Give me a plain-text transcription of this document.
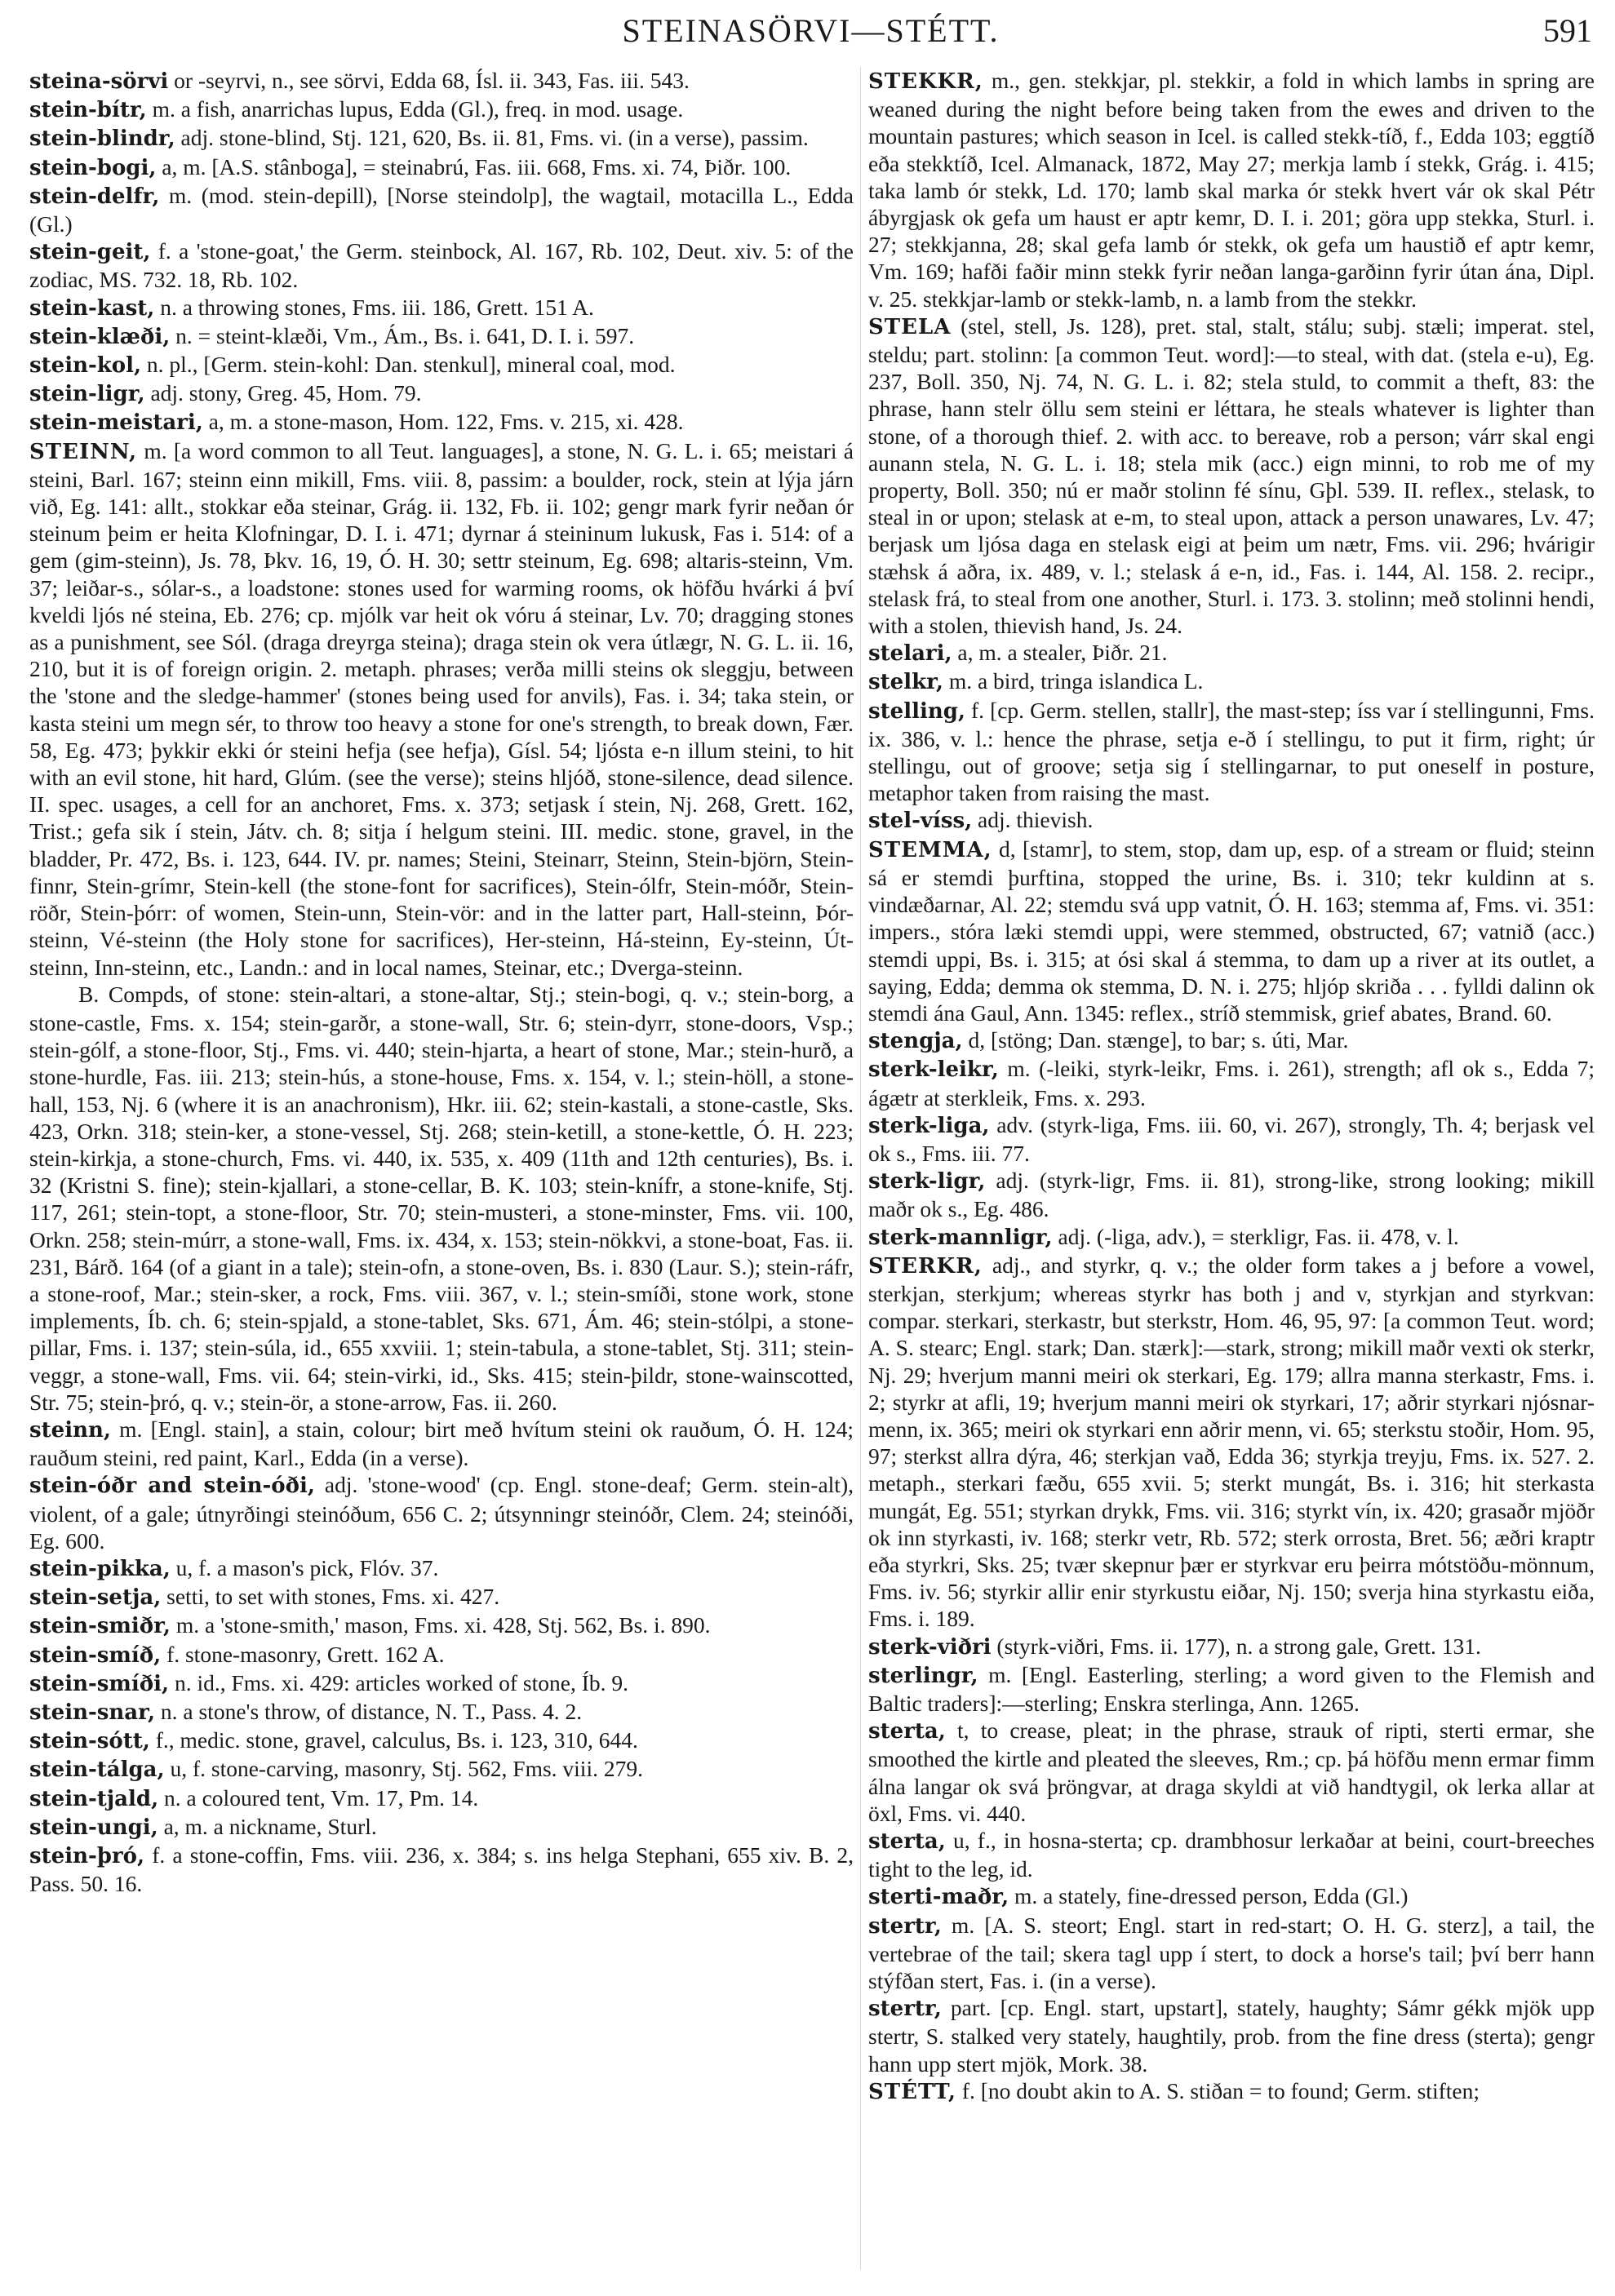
STEINASÖRVI—STÉTT.	591

steina-sörvi or -seyrvi, n., see sörvi, Edda 68, Ísl. ii. 343, Fas. iii. 543.

stein-bítr, m. a fish, anarrichas lupus, Edda (Gl.), freq. in mod. usage.

stein-blindr, adj. stone-blind, Stj. 121, 620, Bs. ii. 81, Fms. vi. (in a verse), passim.

stein-bogi, a, m. [A.S. stânboga], = steinabrú, Fas. iii. 668, Fms. xi. 74, Þiðr. 100.

stein-delfr, m. (mod. stein-depill), [Norse steindolp], the wagtail, motacilla L., Edda (Gl.)

stein-geit, f. a 'stone-goat,' the Germ. steinbock, Al. 167, Rb. 102, Deut. xiv. 5: of the zodiac, MS. 732. 18, Rb. 102.

stein-kast, n. a throwing stones, Fms. iii. 186, Grett. 151 A.

stein-klæði, n. = steint-klæði, Vm., Ám., Bs. i. 641, D. I. i. 597.

stein-kol, n. pl., [Germ. stein-kohl: Dan. stenkul], mineral coal, mod.

stein-ligr, adj. stony, Greg. 45, Hom. 79.

stein-meistari, a, m. a stone-mason, Hom. 122, Fms. v. 215, xi. 428.

STEINN, m. [a word common to all Teut. languages], a stone, N. G. L. i. 65; meistari á steini, Barl. 167; steinn einn mikill, Fms. viii. 8, passim: a boulder, rock, stein at lýja járn við, Eg. 141: allt., stokkar eða steinar, Grág. ii. 132, Fb. ii. 102; gengr mark fyrir neðan ór steinum þeim er heita Klofningar, D. I. i. 471; dyrnar á steininum lukusk, Fas i. 514: of a gem (gim-steinn), Js. 78, Þkv. 16, 19, Ó. H. 30; settr steinum, Eg. 698; altaris-steinn, Vm. 37; leiðar-s., sólar-s., a loadstone: stones used for warming rooms, ok höfðu hvárki á því kveldi ljós né steina, Eb. 276; cp. mjólk var heit ok vóru á steinar, Lv. 70; dragging stones as a punishment, see Sól. (draga dreyrga steina); draga stein ok vera útlægr, N. G. L. ii. 16, 210, but it is of foreign origin. 2. metaph. phrases; verða milli steins ok sleggju, between the 'stone and the sledge-hammer' (stones being used for anvils), Fas. i. 34; taka stein, or kasta steini um megn sér, to throw too heavy a stone for one's strength, to break down, Fær. 58, Eg. 473; þykkir ekki ór steini hefja (see hefja), Gísl. 54; ljósta e-n illum steini, to hit with an evil stone, hit hard, Glúm. (see the verse); steins hljóð, stone-silence, dead silence. II. spec. usages, a cell for an anchoret, Fms. x. 373; setjask í stein, Nj. 268, Grett. 162, Trist.; gefa sik í stein, Játv. ch. 8; sitja í helgum steini. III. medic. stone, gravel, in the bladder, Pr. 472, Bs. i. 123, 644. IV. pr. names; Steini, Steinarr, Steinn, Stein-björn, Stein-finnr, Stein-grímr, Stein-kell (the stone-font for sacrifices), Stein-ólfr, Stein-móðr, Stein-röðr, Stein-þórr: of women, Stein-unn, Stein-vör: and in the latter part, Hall-steinn, Þór-steinn, Vé-steinn (the Holy stone for sacrifices), Her-steinn, Há-steinn, Ey-steinn, Út-steinn, Inn-steinn, etc., Landn.: and in local names, Steinar, etc.; Dverga-steinn.

B. Compds, of stone: stein-altari, a stone-altar, Stj.; stein-bogi, q. v.; stein-borg, a stone-castle, Fms. x. 154; stein-garðr, a stone-wall, Str. 6; stein-dyrr, stone-doors, Vsp.; stein-gólf, a stone-floor, Stj., Fms. vi. 440; stein-hjarta, a heart of stone, Mar.; stein-hurð, a stone-hurdle, Fas. iii. 213; stein-hús, a stone-house, Fms. x. 154, v. l.; stein-höll, a stone-hall, 153, Nj. 6 (where it is an anachronism), Hkr. iii. 62; stein-kastali, a stone-castle, Sks. 423, Orkn. 318; stein-ker, a stone-vessel, Stj. 268; stein-ketill, a stone-kettle, Ó. H. 223; stein-kirkja, a stone-church, Fms. vi. 440, ix. 535, x. 409 (11th and 12th centuries), Bs. i. 32 (Kristni S. fine); stein-kjallari, a stone-cellar, B. K. 103; stein-knífr, a stone-knife, Stj. 117, 261; stein-topt, a stone-floor, Str. 70; stein-musteri, a stone-minster, Fms. vii. 100, Orkn. 258; stein-múrr, a stone-wall, Fms. ix. 434, x. 153; stein-nökkvi, a stone-boat, Fas. ii. 231, Bárð. 164 (of a giant in a tale); stein-ofn, a stone-oven, Bs. i. 830 (Laur. S.); stein-ráfr, a stone-roof, Mar.; stein-sker, a rock, Fms. viii. 367, v. l.; stein-smíði, stone work, stone implements, Íb. ch. 6; stein-spjald, a stone-tablet, Sks. 671, Ám. 46; stein-stólpi, a stone-pillar, Fms. i. 137; stein-súla, id., 655 xxviii. 1; stein-tabula, a stone-tablet, Stj. 311; stein-veggr, a stone-wall, Fms. vii. 64; stein-virki, id., Sks. 415; stein-þildr, stone-wainscotted, Str. 75; stein-þró, q. v.; stein-ör, a stone-arrow, Fas. ii. 260.

steinn, m. [Engl. stain], a stain, colour; birt með hvítum steini ok rauðum, Ó. H. 124; rauðum steini, red paint, Karl., Edda (in a verse).

stein-óðr and stein-óði, adj. 'stone-wood' (cp. Engl. stone-deaf; Germ. stein-alt), violent, of a gale; útnyrðingi steinóðum, 656 C. 2; útsynningr steinóðr, Clem. 24; steinóði, Eg. 600.

stein-pikka, u, f. a mason's pick, Flóv. 37.

stein-setja, setti, to set with stones, Fms. xi. 427.

stein-smiðr, m. a 'stone-smith,' mason, Fms. xi. 428, Stj. 562, Bs. i. 890.

stein-smíð, f. stone-masonry, Grett. 162 A.

stein-smíði, n. id., Fms. xi. 429: articles worked of stone, Íb. 9.

stein-snar, n. a stone's throw, of distance, N. T., Pass. 4. 2.

stein-sótt, f., medic. stone, gravel, calculus, Bs. i. 123, 310, 644.

stein-tálga, u, f. stone-carving, masonry, Stj. 562, Fms. viii. 279.

stein-tjald, n. a coloured tent, Vm. 17, Pm. 14.

stein-ungi, a, m. a nickname, Sturl.

stein-þró, f. a stone-coffin, Fms. viii. 236, x. 384; s. ins helga Stephani, 655 xiv. B. 2, Pass. 50. 16.

STEKKR, m., gen. stekkjar, pl. stekkir, a fold in which lambs in spring are weaned during the night before being taken from the ewes and driven to the mountain pastures; which season in Icel. is called stekk-tíð, f., Edda 103; eggtíð eða stekktíð, Icel. Almanack, 1872, May 27; merkja lamb í stekk, Grág. i. 415; taka lamb ór stekk, Ld. 170; lamb skal marka ór stekk hvert vár ok skal Pétr ábyrgjask ok gefa um haust er aptr kemr, D. I. i. 201; göra upp stekka, Sturl. i. 27; stekkjanna, 28; skal gefa lamb ór stekk, ok gefa um haustið ef aptr kemr, Vm. 169; hafði faðir minn stekk fyrir neðan langa-garðinn fyrir útan ána, Dipl. v. 25. stekkjar-lamb or stekk-lamb, n. a lamb from the stekkr.

STELA (stel, stell, Js. 128), pret. stal, stalt, stálu; subj. stæli; imperat. stel, steldu; part. stolinn: [a common Teut. word]:—to steal, with dat. (stela e-u), Eg. 237, Boll. 350, Nj. 74, N. G. L. i. 82; stela stuld, to commit a theft, 83: the phrase, hann stelr öllu sem steini er léttara, he steals whatever is lighter than stone, of a thorough thief. 2. with acc. to bereave, rob a person; várr skal engi aunann stela, N. G. L. i. 18; stela mik (acc.) eign minni, to rob me of my property, Boll. 350; nú er maðr stolinn fé sínu, Gþl. 539. II. reflex., stelask, to steal in or upon; stelask at e-m, to steal upon, attack a person unawares, Lv. 47; berjask um ljósa daga en stelask eigi at þeim um nætr, Fms. vii. 296; hvárigir stæhsk á aðra, ix. 489, v. l.; stelask á e-n, id., Fas. i. 144, Al. 158. 2. recipr., stelask frá, to steal from one another, Sturl. i. 173. 3. stolinn; með stolinni hendi, with a stolen, thievish hand, Js. 24.

stelari, a, m. a stealer, Þiðr. 21.

stelkr, m. a bird, tringa islandica L.

stelling, f. [cp. Germ. stellen, stallr], the mast-step; íss var í stellingunni, Fms. ix. 386, v. l.: hence the phrase, setja e-ð í stellingu, to put it firm, right; úr stellingu, out of groove; setja sig í stellingarnar, to put oneself in posture, metaphor taken from raising the mast.

stel-víss, adj. thievish.

STEMMA, d, [stamr], to stem, stop, dam up, esp. of a stream or fluid; steinn sá er stemdi þurftina, stopped the urine, Bs. i. 310; tekr kuldinn at s. vindæðarnar, Al. 22; stemdu svá upp vatnit, Ó. H. 163; stemma af, Fms. vi. 351: impers., stóra læki stemdi uppi, were stemmed, obstructed, 67; vatnið (acc.) stemdi uppi, Bs. i. 315; at ósi skal á stemma, to dam up a river at its outlet, a saying, Edda; demma ok stemma, D. N. i. 275; hljóp skriða . . . fylldi dalinn ok stemdi ána Gaul, Ann. 1345: reflex., stríð stemmisk, grief abates, Brand. 60.

stengja, d, [stöng; Dan. stænge], to bar; s. úti, Mar.

sterk-leikr, m. (-leiki, styrk-leikr, Fms. i. 261), strength; afl ok s., Edda 7; ágætr at sterkleik, Fms. x. 293.

sterk-liga, adv. (styrk-liga, Fms. iii. 60, vi. 267), strongly, Th. 4; berjask vel ok s., Fms. iii. 77.

sterk-ligr, adj. (styrk-ligr, Fms. ii. 81), strong-like, strong looking; mikill maðr ok s., Eg. 486.

sterk-mannligr, adj. (-liga, adv.), = sterkligr, Fas. ii. 478, v. l.

STERKR, adj., and styrkr, q. v.; the older form takes a j before a vowel, sterkjan, sterkjum; whereas styrkr has both j and v, styrkjan and styrkvan: compar. sterkari, sterkastr, but sterkstr, Hom. 46, 95, 97: [a common Teut. word; A. S. stearc; Engl. stark; Dan. stærk]:—stark, strong; mikill maðr vexti ok sterkr, Nj. 29; hverjum manni meiri ok sterkari, Eg. 179; allra manna sterkastr, Fms. i. 2; styrkr at afli, 19; hverjum manni meiri ok styrkari, 17; aðrir styrkari njósnar-menn, ix. 365; meiri ok styrkari enn aðrir menn, vi. 65; sterkstu stoðir, Hom. 95, 97; sterkst allra dýra, 46; sterkjan vað, Edda 36; styrkja treyju, Fms. ix. 527. 2. metaph., sterkari fæðu, 655 xvii. 5; sterkt mungát, Bs. i. 316; hit sterkasta mungát, Eg. 551; styrkan drykk, Fms. vii. 316; styrkt vín, ix. 420; grasaðr mjöðr ok inn styrkasti, iv. 168; sterkr vetr, Rb. 572; sterk orrosta, Bret. 56; æðri kraptr eða styrkri, Sks. 25; tvær skepnur þær er styrkvar eru þeirra mótstöðu-mönnum, Fms. iv. 56; styrkir allir enir styrkustu eiðar, Nj. 150; sverja hina styrkastu eiða, Fms. i. 189.

sterk-viðri (styrk-viðri, Fms. ii. 177), n. a strong gale, Grett. 131.

sterlingr, m. [Engl. Easterling, sterling; a word given to the Flemish and Baltic traders]:—sterling; Enskra sterlinga, Ann. 1265.

sterta, t, to crease, pleat; in the phrase, strauk of ripti, sterti ermar, she smoothed the kirtle and pleated the sleeves, Rm.; cp. þá höfðu menn ermar fimm álna langar ok svá þröngvar, at draga skyldi at við handtygil, ok lerka allar at öxl, Fms. vi. 440.

sterta, u, f., in hosna-sterta; cp. drambhosur lerkaðar at beini, court-breeches tight to the leg, id.

sterti-maðr, m. a stately, fine-dressed person, Edda (Gl.)

stertr, m. [A. S. steort; Engl. start in red-start; O. H. G. sterz], a tail, the vertebrae of the tail; skera tagl upp í stert, to dock a horse's tail; því berr hann stýfðan stert, Fas. i. (in a verse).

stertr, part. [cp. Engl. start, upstart], stately, haughty; Sámr gékk mjök upp stertr, S. stalked very stately, haughtily, prob. from the fine dress (sterta); gengr hann upp stert mjök, Mork. 38.

STÉTT, f. [no doubt akin to A. S. stiðan = to found; Germ. stiften;
